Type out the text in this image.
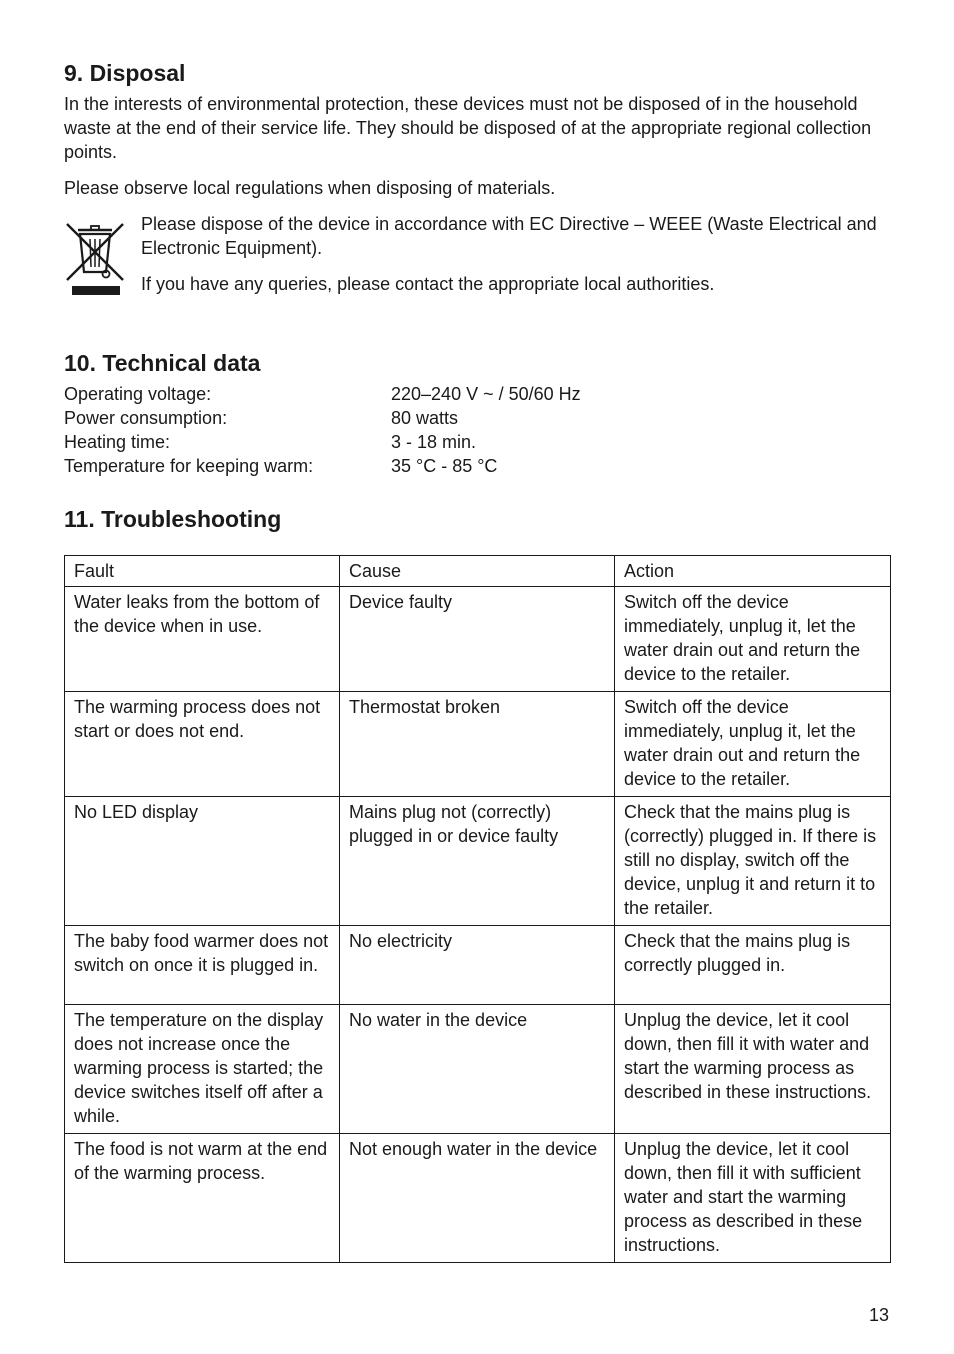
9. Disposal

In the interests of environmental protection, these devices must not be disposed of in the household waste at the end of their service life. They should be disposed of at the appropriate regional collection points.

Please observe local regulations when disposing of materials.

Please dispose of the device in accordance with EC Directive – WEEE (Waste Electrical and Electronic Equipment).

If you have any queries, please contact the appropriate local authorities.

10. Technical data
Operating voltage:	220–240 V ~ / 50/60 Hz
Power consumption:	80 watts
Heating time:	3 - 18 min.
Temperature for keeping warm:	35 °C - 85 °C
11. Troubleshooting
Fault	Cause	Action
Water leaks from the bottom of the device when in use.	Device faulty	Switch off the device immediately, unplug it, let the water drain out and return the device to the retailer.
The warming process does not start or does not end.	Thermostat broken	Switch off the device immediately, unplug it, let the water drain out and return the device to the retailer.
No LED display	Mains plug not (correctly) plugged in or device faulty	Check that the mains plug is (correctly) plugged in. If there is still no display, switch off the device, unplug it and return it to the retailer.
The baby food warmer does not switch on once it is plugged in.	No electricity	Check that the mains plug is correctly plugged in.
The temperature on the display does not increase once the warming process is started; the device switches itself off after a while.	No water in the device	Unplug the device, let it cool down, then fill it with water and start the warming process as described in these instructions.
The food is not warm at the end of the warming process.	Not enough water in the device	Unplug the device, let it cool down, then fill it with sufficient water and start the warming process as described in these instructions.
13
